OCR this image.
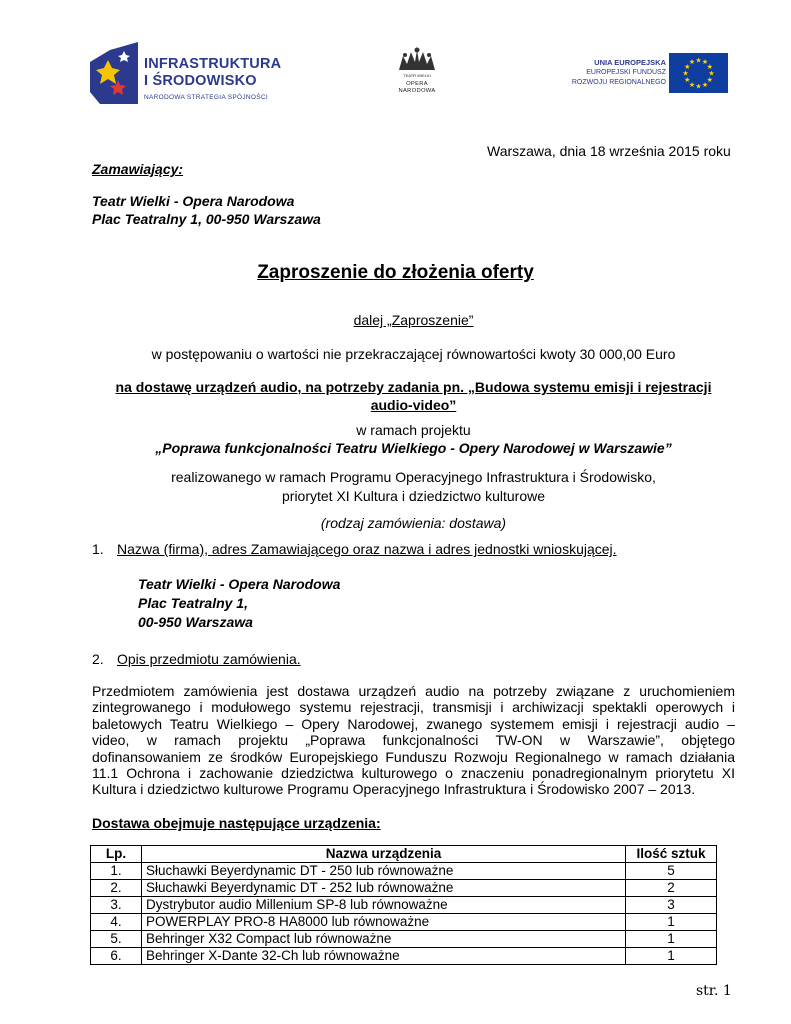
INFRASTRUKTURA
I ŚRODOWISKO
NARODOWA STRATEGIA SPÓJNOŚCI
TEATR WIELKI
OPERA
NARODOWA
UNIA EUROPEJSKA
EUROPEJSKI FUNDUSZ
ROZWOJU REGIONALNEGO
★
★
★
★
★
★
★
★
★ ★ ★
★
Warszawa, dnia 18 września 2015 roku
Zamawiający:
Teatr Wielki - Opera Narodowa
Plac Teatralny 1, 00-950 Warszawa
Zaproszenie do złożenia oferty
dalej „Zaproszenie”
w postępowaniu o wartości nie przekraczającej równowartości kwoty 30 000,00 Euro
na dostawę urządzeń audio, na potrzeby zadania pn. „Budowa systemu emisji i rejestracji
audio-video”
w ramach projektu
„Poprawa funkcjonalności Teatru Wielkiego - Opery Narodowej w Warszawie”
realizowanego w ramach Programu Operacyjnego Infrastruktura i Środowisko,
priorytet XI Kultura i dziedzictwo kulturowe
(rodzaj zamówienia: dostawa)
1. Nazwa (firma), adres Zamawiającego oraz nazwa i adres jednostki wnioskującej.
Teatr Wielki - Opera Narodowa
Plac Teatralny 1,
00-950 Warszawa
2. Opis przedmiotu zamówienia.
Przedmiotem zamówienia jest dostawa urządzeń audio na potrzeby związane z uruchomieniem
zintegrowanego i modułowego systemu rejestracji, transmisji i archiwizacji spektakli operowych i
baletowych Teatru Wielkiego – Opery Narodowej, zwanego systemem emisji i rejestracji audio –
video, w ramach projektu „Poprawa funkcjonalności TW-ON w Warszawie”, objętego
dofinansowaniem ze środków Europejskiego Funduszu Rozwoju Regionalnego w ramach działania
11.1 Ochrona i zachowanie dziedzictwa kulturowego o znaczeniu ponadregionalnym priorytetu XI
Kultura i dziedzictwo kulturowe Programu Operacyjnego Infrastruktura i Środowisko 2007 – 2013.
Dostawa obejmuje następujące urządzenia:
Lp.	Nazwa urządzenia	Ilość sztuk
1.	Słuchawki Beyerdynamic DT - 250 lub równoważne	5
2.	Słuchawki Beyerdynamic DT - 252 lub równoważne	2
3.	Dystrybutor audio Millenium SP-8 lub równoważne	3
4.	POWERPLAY PRO-8 HA8000 lub równoważne	1
5.	Behringer X32 Compact lub równoważne	1
6.	Behringer X-Dante 32-Ch lub równoważne	1
str. 1
